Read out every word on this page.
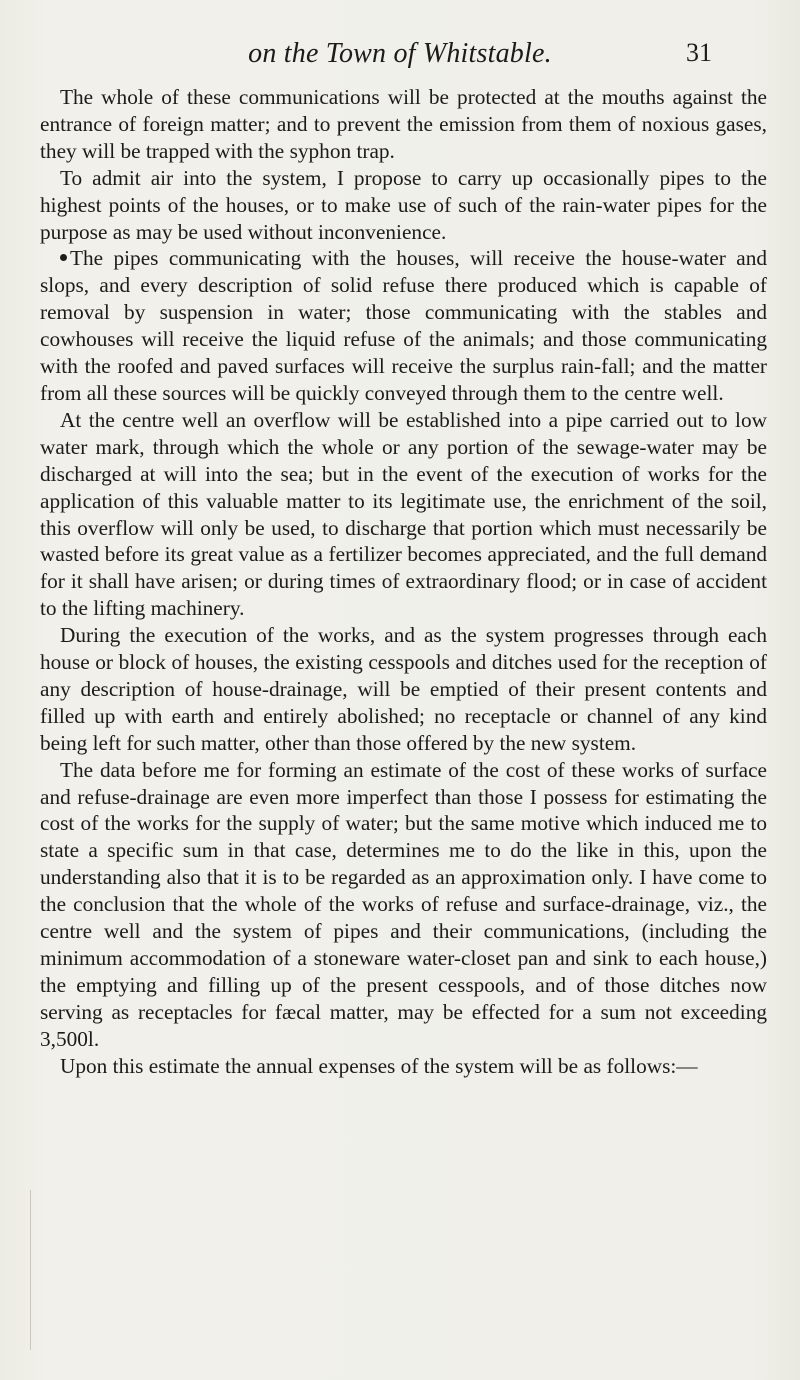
on the Town of Whitstable.	31

The whole of these communications will be protected at the mouths against the entrance of foreign matter; and to prevent the emission from them of noxious gases, they will be trapped with the syphon trap.

To admit air into the system, I propose to carry up occasionally pipes to the highest points of the houses, or to make use of such of the rain-water pipes for the purpose as may be used without inconvenience.

The pipes communicating with the houses, will receive the house-water and slops, and every description of solid refuse there produced which is capable of removal by suspension in water; those communicating with the stables and cowhouses will receive the liquid refuse of the animals; and those communicating with the roofed and paved surfaces will receive the surplus rain-fall; and the matter from all these sources will be quickly conveyed through them to the centre well.

At the centre well an overflow will be established into a pipe carried out to low water mark, through which the whole or any portion of the sewage-water may be discharged at will into the sea; but in the event of the execution of works for the application of this valuable matter to its legitimate use, the enrichment of the soil, this overflow will only be used, to discharge that portion which must necessarily be wasted before its great value as a fertilizer becomes appreciated, and the full demand for it shall have arisen; or during times of extraordinary flood; or in case of accident to the lifting machinery.

During the execution of the works, and as the system progresses through each house or block of houses, the existing cesspools and ditches used for the reception of any description of house-drainage, will be emptied of their present contents and filled up with earth and entirely abolished; no receptacle or channel of any kind being left for such matter, other than those offered by the new system.

The data before me for forming an estimate of the cost of these works of surface and refuse-drainage are even more imperfect than those I possess for estimating the cost of the works for the supply of water; but the same motive which induced me to state a specific sum in that case, determines me to do the like in this, upon the understanding also that it is to be regarded as an approximation only. I have come to the conclusion that the whole of the works of refuse and surface-drainage, viz., the centre well and the system of pipes and their communications, (including the minimum accommodation of a stoneware water-closet pan and sink to each house,) the emptying and filling up of the present cesspools, and of those ditches now serving as receptacles for fæcal matter, may be effected for a sum not exceeding 3,500l.

Upon this estimate the annual expenses of the system will be as follows:—
